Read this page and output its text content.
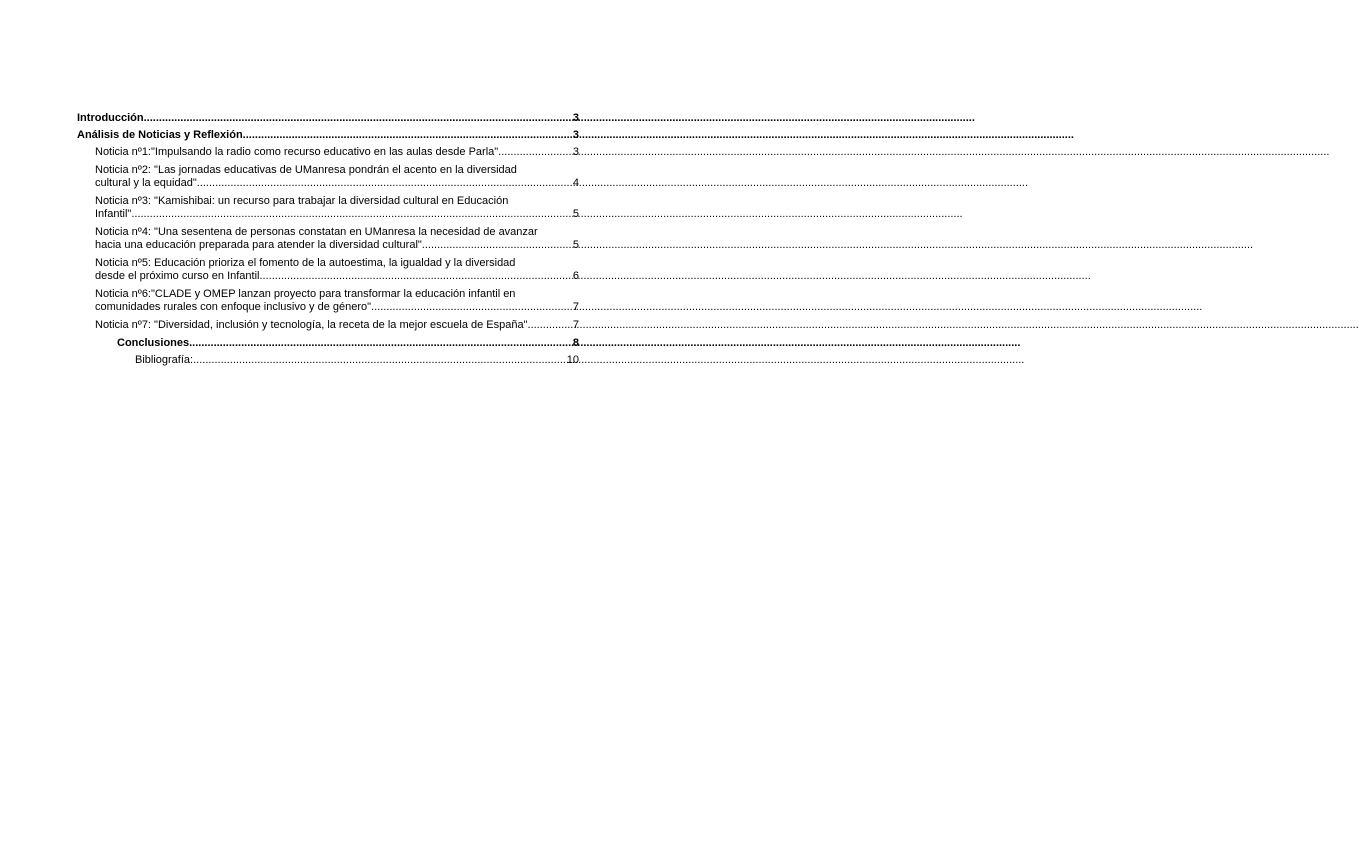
Introducción .....	3
Análisis de Noticias y Reflexión .....	3
Noticia nº1:"Impulsando la radio como recurso educativo en las aulas desde Parla" .....	3
Noticia nº2: "Las jornadas educativas de UManresa pondrán el acento en la diversidad
cultural y la equidad" .....	4
Noticia nº3: "Kamishibai: un recurso para trabajar la diversidad cultural en Educación
Infantil" .....	5
Noticia nº4: "Una sesentena de personas constatan en UManresa la necesidad de avanzar
hacia una educación preparada para atender la diversidad cultural" .....	5
Noticia nº5: Educación prioriza el fomento de la autoestima, la igualdad y la diversidad
desde el próximo curso en Infantil .....	6
Noticia nº6:"CLADE y OMEP lanzan proyecto para transformar la educación infantil en
comunidades rurales con enfoque inclusivo y de género" .....	7
Noticia nº7: "Diversidad, inclusión y tecnología, la receta de la mejor escuela de España" .....	7
Conclusiones .....	8
Bibliografía: .....	10
